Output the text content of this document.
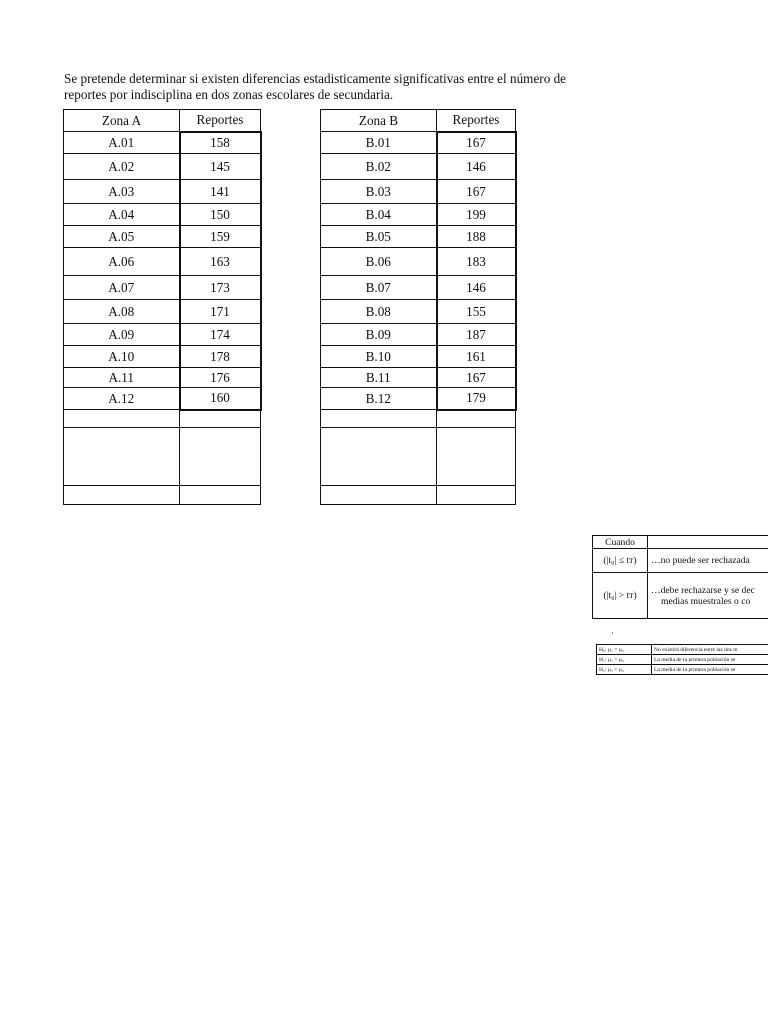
Se pretende determinar si existen diferencias estadisticamente significativas entre el número de
reportes por indisciplina en dos zonas escolares de secundaria.

Zona A	Reportes
A.01	158
A.02	145
A.03	141
A.04	150
A.05	159
A.06	163
A.07	173
A.08	171
A.09	174
A.10	178
A.11	176
A.12	160

Zona B	Reportes
B.01	167
B.02	146
B.03	167
B.04	199
B.05	188
B.06	183
B.07	146
B.08	155
B.09	187
B.10	161
B.11	167
B.12	179

Cuando	
(|t₀| ≤ tᴛ)	…no puede ser rechazada
(|t₀| > tᴛ)	…debe rechazarse y se dec
medias muestrales o co
·
H₀: μ₁ = μ₂	No existirá diferencia entre las dos m
H₁: μ₁ > μ₂	La media de la primera población se
H₁: μ₁ < μ₂	La media de la primera población se
